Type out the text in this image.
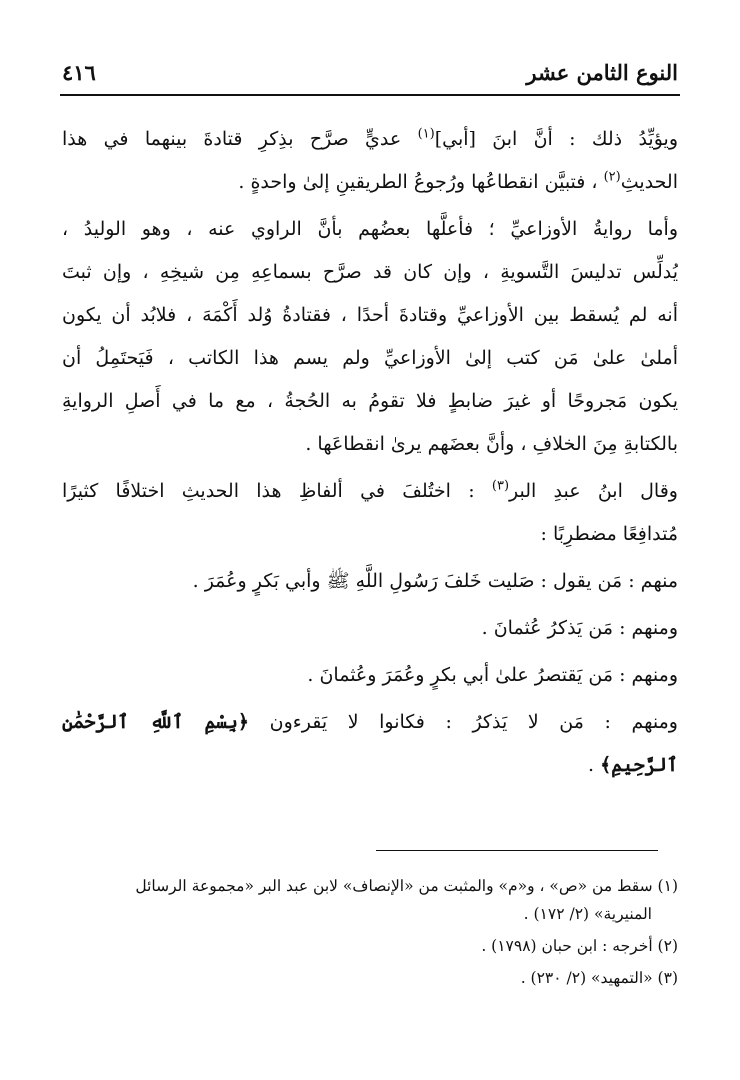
النوع الثامن عشر
٤١٦

ويؤيِّدُ ذلك : أنَّ ابنَ [أبي]$^{(١)}$ عديٍّ صرَّح بذِكرِ قتادةَ بينهما في هذا
الحديثِ$^{(٢)}$ ، فتبيَّن انقطاعُها ورُجوعُ الطريقينِ إلىٰ واحدةٍ .

وأما روايةُ الأوزاعيِّ ؛ فأعلَّها بعضُهم بأنَّ الراوي عنه ، وهو الوليدُ ،
يُدلِّس تدليسَ التَّسويةِ ، وإن كان قد صرَّح بسماعِهِ مِن شيخِهِ ، وإن ثبتَ
أنه لم يُسقط بين الأوزاعيِّ وقتادةَ أحدًا ، فقتادةُ وُلد أَكْمَهَ ، فلابُد أن يكون
أملىٰ علىٰ مَن كتب إلىٰ الأوزاعيِّ ولم يسم هذا الكاتب ، فَيَحتَمِلُ أن
يكون مَجروحًا أو غيرَ ضابطٍ فلا تقومُ به الحُجةُ ، مع ما في أَصلِ الروايةِ
بالكتابةِ مِنَ الخلافِ ، وأنَّ بعضَهم يرىٰ انقطاعَها .

وقال ابنُ عبدِ البر$^{(٣)}$ : اختُلفَ في ألفاظِ هذا الحديثِ اختلافًا كثيرًا
مُتدافِعًا مضطرِبًا :

منهم : مَن يقول : صَليت خَلفَ رَسُولِ اللَّهِ ﷺ وأبي بَكرٍ وعُمَرَ .

ومنهم : مَن يَذكرُ عُثمانَ .

ومنهم : مَن يَقتصرُ علىٰ أبي بكرٍ وعُمَرَ وعُثمانَ .

ومنهم : مَن لا يَذكرُ : فكانوا لا يَقرءون ﴿بِسْمِ ٱللَّهِ ٱلرَّحْمَٰنِ
ٱلرَّحِيمِ﴾ .

(١) سقط من «ص» ، و«م» والمثبت من «الإنصاف» لابن عبد البر «مجموعة الرسائل
المنيرية» (٢/ ١٧٢) .

(٢) أخرجه : ابن حبان (١٧٩٨) .

(٣) «التمهيد» (٢/ ٢٣٠) .
